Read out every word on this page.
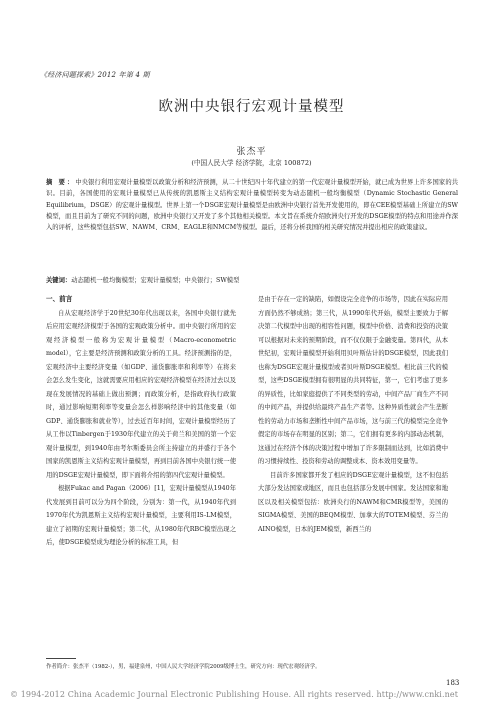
《经济问题探索》2012 年第 4 期
欧洲中央银行宏观计量模型
张杰平
(中国人民大学 经济学院，北京 100872)
摘 要：中央银行利用宏观计量模型以政策分析和经济预测，从二十世纪四十年代建立的第一代宏观计量模型开始，就已成为世界上许多国家的共识。目前，各国使用的宏观计量模型已从传统的凯恩斯主义结构宏观计量模型转变为动态随机一般均衡模型（Dynamic Stochastic General Equilibrium，DSGE）的宏观计量模型。世界上第一个DSGE宏观计量模型是由欧洲中央银行首先开发使用的，即在CEE模型基础上所建立的SW模型，而且目前为了研究不同的问题，欧洲中央银行又开发了多个其他相关模型。本文旨在系统介绍欧洲央行开发的DSGE模型的特点和用途并作深入的评析，这些模型包括SW、NAWM、CRM、EAGLE和NMCM等模型。最后，还将分析我国的相关研究情况并提出相应的政策建议。
关键词：动态随机一般均衡模型；宏观计量模型；中央银行；SW模型
一、前言

自从宏观经济学于20世纪30年代出现以来，各国中央银行就先后应用宏观经济模型于各国的宏观政策分析中。而中央银行所用的宏观经济模型一般称为宏观计量模型（Macro-econometric model），它主要是经济预测和政策分析的工具。经济预测指的是，宏观经济中主要经济变量（如GDP、通货膨胀率和利率等）在将来会怎么发生变化，这就需要应用相应的宏观经济模型在经济过去以及现在发展情况的基础上做出预测；而政策分析，是指政府执行政策时，通过影响短期利率等变量会怎么样影响经济中的其他变量（如GDP、通货膨胀和就业等），过去近百年时间，宏观计量模型经历了从工作以Tinbergen于1930年代建立的关于荷兰和美国的第一个宏观计量模型，到1940年由考尔斯委员会所主持建立的并盛行于各个国家的凯恩斯主义结构宏观计量模型，再到目前各国中央银行统一使用的DSGE宏观计量模型，即下面将介绍的第四代宏观计量模型。

根据Fukac and Pagan（2006）[1]，宏观计量模型从1940年代发展到目前可以分为四个阶段，分别为：第一代，从1940年代到1970年代为凯恩斯主义结构宏观计量模型，主要利用IS-LM模型，建立了初期的宏观计量模型；第二代，从1980年代RBC模型出现之后，使DSGE模型成为理论分析的标准工具，但

是由于存在一定的缺陷，如假设完全竞争的市场等，因此在实际应用方面仍然不够成熟；第三代，从1990年代开始，模型主要致力于解决第二代模型中出现的相容性问题，模型中价格、消费和投资的决策可以根据对未来的预期阶段，而不仅仅限于金融变量。第四代，从本世纪初，宏观计量模型开始利用贝叶斯估计的DSGE模型，因此我们也称为DSGE宏观计量模型或者贝叶斯DSGE模型。相比前三代的模型，这些DSGE模型拥有很明显的共同特征，第一，它们考虑了更多的异质性，比如家庭提供了不同类型的劳动，中间产品厂商生产不同的中间产品，并提供给最终产品生产者等。这种异质性就会产生垄断性的劳动力市场和垄断性中间产品市场，这与前三代的模型完全竞争假定的市场存在明显的区别；第二，它们拥有更多的内部动态机制，这通过在经济个体的决策过程中增加了许多限制而达到，比如消费中的习惯持续性、投资和劳动的调整成本、资本效用变量等。

目前许多国家都开发了相应的DSGE宏观计量模型，这不但包括大部分发达国家或地区，而且也包括部分发展中国家。发达国家和地区以及相关模型包括：欧洲央行的NAWM和CMR模型等，美国的SIGMA模型、美国的BEQM模型、加拿大的TOTEM模型、芬兰的AINO模型，日本的JEM模型，新西兰的

作者简介：张杰平（1982-），男，福建泉州，中国人民大学经济学院2009级博士生，研究方向：现代宏观经济学。
183
© 1994-2012 China Academic Journal Electronic Publishing House. All rights reserved. http://www.cnki.net
